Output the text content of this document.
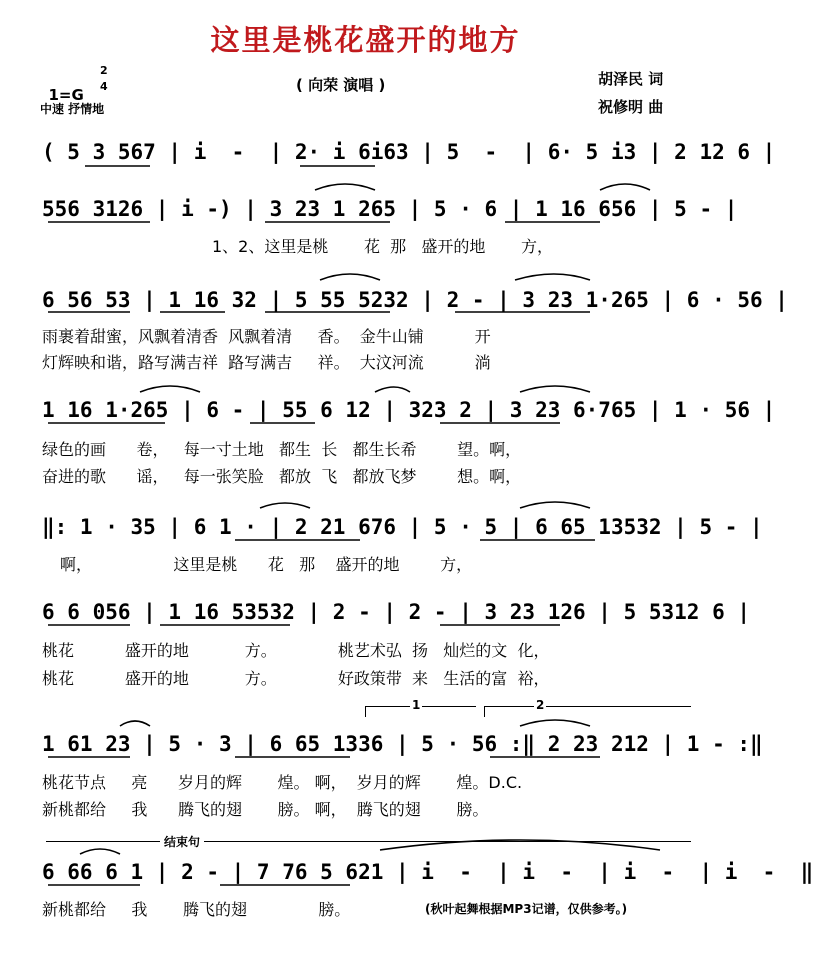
这里是桃花盛开的地方

1=G

2
4
中速 抒情地
( 向荣 演唱 )	胡泽民 词
祝修明 曲
( 5 3 567 | i  -  | 2· i 6i63 | 5  -  | 6· 5 i3 | 2 12 6 |
556 3126 | i -) | 3 23 1 265 | 5 · 6 | 1 16 656 | 5 - |
1、2、这里是桃       花  那   盛开的地       方，
6 56 53 | 1 16 32 | 5 55 5232 | 2 - | 3 23 1·265 | 6 · 56 |
雨裹着甜蜜，风飘着清香  风飘着清     香。  金牛山铺          开
灯辉映和谐，路写满吉祥  路写满吉     祥。  大汶河流          淌
1 16 1·265 | 6 - | 55 6 12 | 323 2 | 3 23 6·765 | 1 · 56 |
绿色的画      卷，   每一寸土地   都生  长   都生长希        望。啊，
奋进的歌      谣，   每一张笑脸   都放  飞   都放飞梦        想。啊，
‖: 1 · 35 | 6 1 · | 2 21 676 | 5 · 5 | 6 65 13532 | 5 - |
啊，                这里是桃      花   那    盛开的地        方，
6 6 056 | 1 16 53532 | 2 - | 2 - | 3 23 126 | 5 5312 6 |
桃花          盛开的地           方。            桃艺术弘  扬   灿烂的文  化，
桃花          盛开的地           方。            好政策带  来   生活的富  裕，
1	2
1 61 23 | 5 · 3 | 6 65 1336 | 5 · 56 :‖ 2 23 212 | 1 - :‖
桃花节点     亮      岁月的辉       煌。 啊，  岁月的辉       煌。D.C.
新桃都给     我      腾飞的翅       膀。 啊，  腾飞的翅       膀。
结束句
6 66 6 1 | 2 - | 7 76 5 621 | i  -  | i  -  | i  -  | i  -  ‖
新桃都给     我       腾飞的翅              膀。	(秋叶起舞根据MP3记谱，仅供参考。)
